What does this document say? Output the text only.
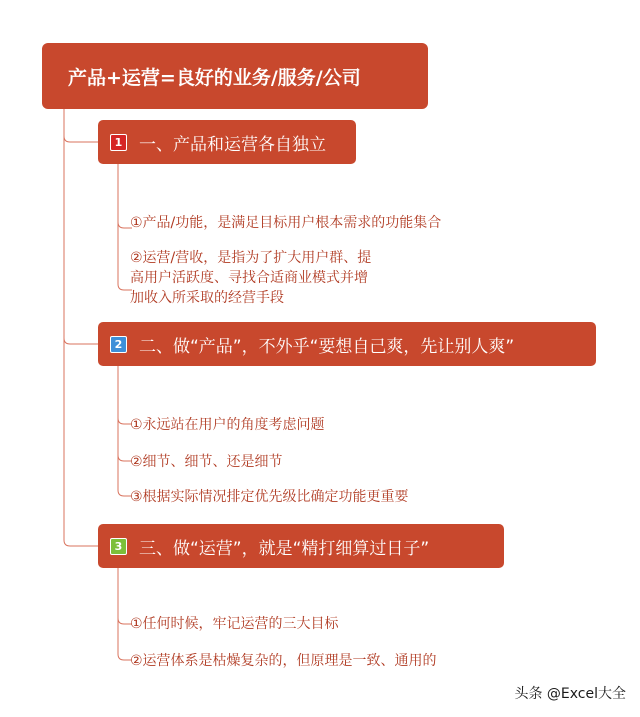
产品+运营=良好的业务/服务/公司
1 一、产品和运营各自独立
①产品/功能，是满足目标用户根本需求的功能集合
②运营/营收，是指为了扩大用户群、提
高用户活跃度、寻找合适商业模式并增
加收入所采取的经营手段
2 二、做“产品”，不外乎“要想自己爽，先让别人爽”
①永远站在用户的角度考虑问题
②细节、细节、还是细节
③根据实际情况排定优先级比确定功能更重要
3 三、做“运营”，就是“精打细算过日子”
①任何时候，牢记运营的三大目标
②运营体系是枯燥复杂的，但原理是一致、通用的
头条 @Excel大全
